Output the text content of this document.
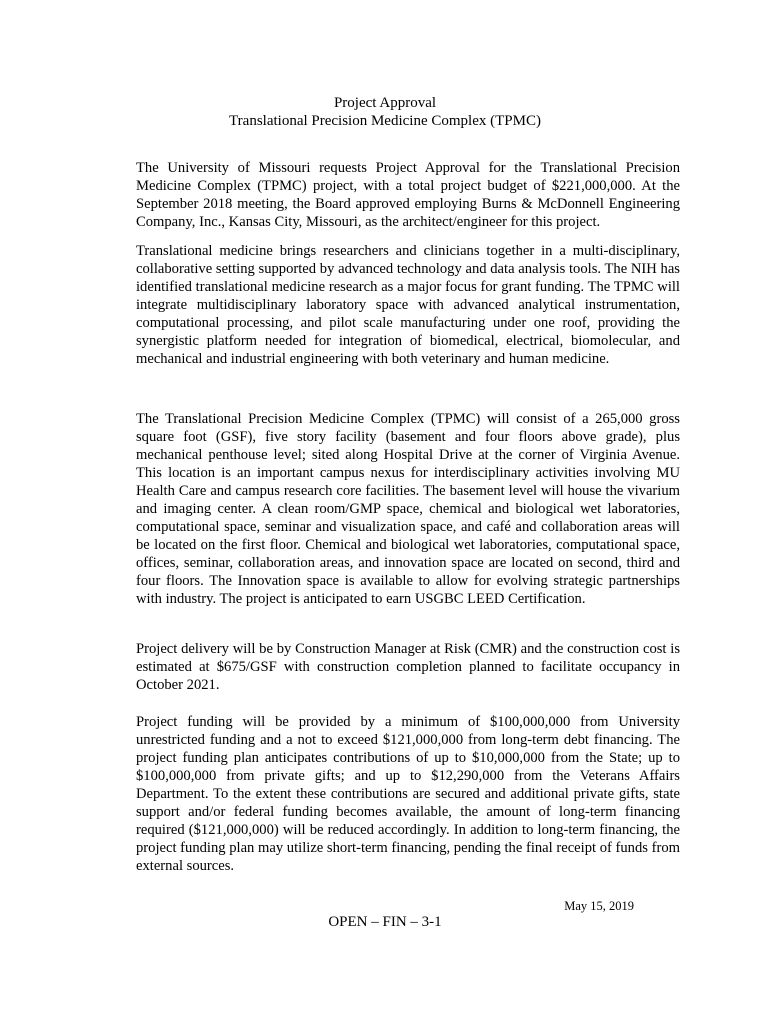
Project Approval
Translational Precision Medicine Complex (TPMC)

The University of Missouri requests Project Approval for the Translational Precision Medicine Complex (TPMC) project, with a total project budget of $221,000,000. At the September 2018 meeting, the Board approved employing Burns & McDonnell Engineering Company, Inc., Kansas City, Missouri, as the architect/engineer for this project.

Translational medicine brings researchers and clinicians together in a multi-disciplinary, collaborative setting supported by advanced technology and data analysis tools. The NIH has identified translational medicine research as a major focus for grant funding. The TPMC will integrate multidisciplinary laboratory space with advanced analytical instrumentation, computational processing, and pilot scale manufacturing under one roof, providing the synergistic platform needed for integration of biomedical, electrical, biomolecular, and mechanical and industrial engineering with both veterinary and human medicine.

The Translational Precision Medicine Complex (TPMC) will consist of a 265,000 gross square foot (GSF), five story facility (basement and four floors above grade), plus mechanical penthouse level; sited along Hospital Drive at the corner of Virginia Avenue. This location is an important campus nexus for interdisciplinary activities involving MU Health Care and campus research core facilities. The basement level will house the vivarium and imaging center. A clean room/GMP space, chemical and biological wet laboratories, computational space, seminar and visualization space, and café and collaboration areas will be located on the first floor. Chemical and biological wet laboratories, computational space, offices, seminar, collaboration areas, and innovation space are located on second, third and four floors. The Innovation space is available to allow for evolving strategic partnerships with industry. The project is anticipated to earn USGBC LEED Certification.

Project delivery will be by Construction Manager at Risk (CMR) and the construction cost is estimated at $675/GSF with construction completion planned to facilitate occupancy in October 2021.

Project funding will be provided by a minimum of $100,000,000 from University unrestricted funding and a not to exceed $121,000,000 from long-term debt financing. The project funding plan anticipates contributions of up to $10,000,000 from the State; up to $100,000,000 from private gifts; and up to $12,290,000 from the Veterans Affairs Department. To the extent these contributions are secured and additional private gifts, state support and/or federal funding becomes available, the amount of long-term financing required ($121,000,000) will be reduced accordingly. In addition to long-term financing, the project funding plan may utilize short-term financing, pending the final receipt of funds from external sources.

May 15, 2019
OPEN – FIN – 3-1
